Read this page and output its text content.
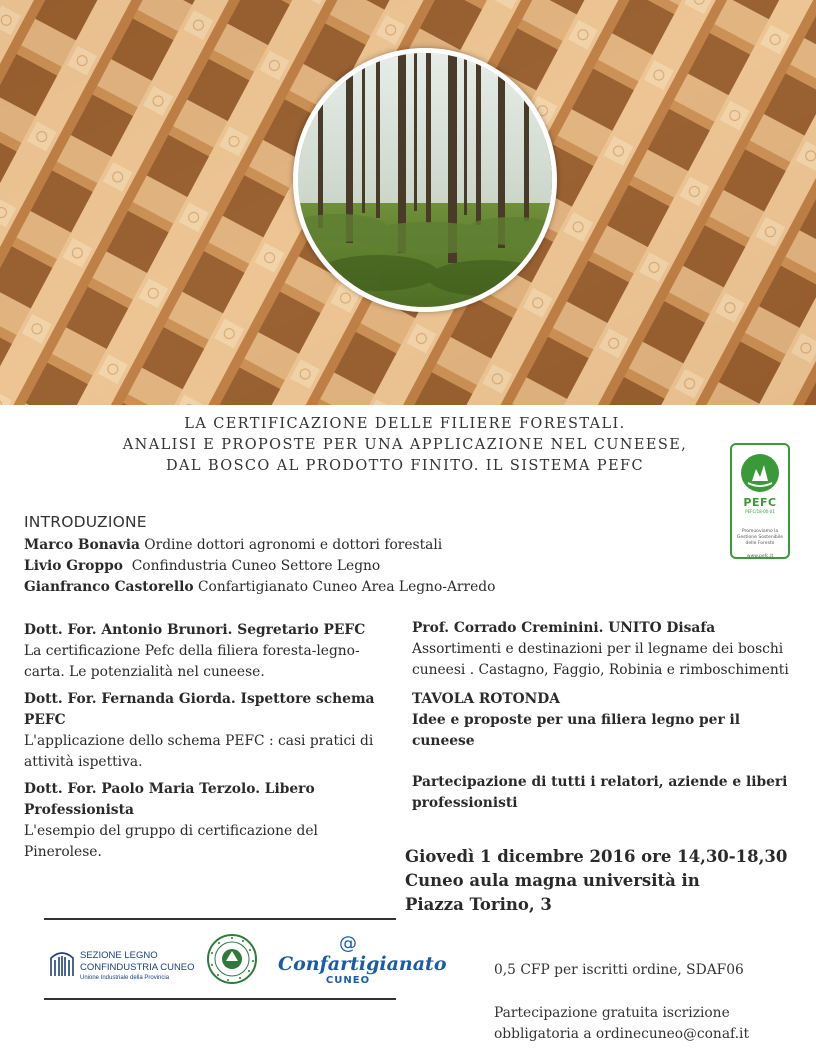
LA CERTIFICAZIONE DELLE FILIERE FORESTALI.
ANALISI E PROPOSTE PER UNA APPLICAZIONE NEL CUNEESE,
DAL BOSCO AL PRODOTTO FINITO. IL SISTEMA PEFC
PEFC
PEFC/18-00-01
Promuoviamo la Gestione Sostenibile delle Foreste
www.pefc.it
INTRODUZIONE
Marco Bonavia Ordine dottori agronomi e dottori forestali
Livio Groppo  Confindustria Cuneo Settore Legno
Gianfranco Castorello Confartigianato Cuneo Area Legno-Arredo
Dott. For. Antonio Brunori. Segretario PEFC
La certificazione Pefc della filiera foresta-legno-carta. Le potenzialità nel cuneese.
Dott. For. Fernanda Giorda. Ispettore schema PEFC
L'applicazione dello schema PEFC : casi pratici di attività ispettiva.
Dott. For. Paolo Maria Terzolo. Libero Professionista
L'esempio del gruppo di certificazione del Pinerolese.
Prof. Corrado Creminini. UNITO Disafa
Assortimenti e destinazioni per il legname dei boschi cuneesi . Castagno, Faggio, Robinia e rimboschimenti
TAVOLA ROTONDA
Idee e proposte per una filiera legno per il cuneese
Partecipazione di tutti i relatori, aziende e liberi professionisti
Giovedì 1 dicembre 2016 ore 14,30-18,30
Cuneo aula magna università in
Piazza Torino, 3
SEZIONE LEGNO
CONFINDUSTRIA CUNEO
Unione Industriale della Provincia
@
Confartigianato
CUNEO
0,5 CFP per iscritti ordine, SDAF06
Partecipazione gratuita iscrizione obbligatoria a ordinecuneo@conaf.it
